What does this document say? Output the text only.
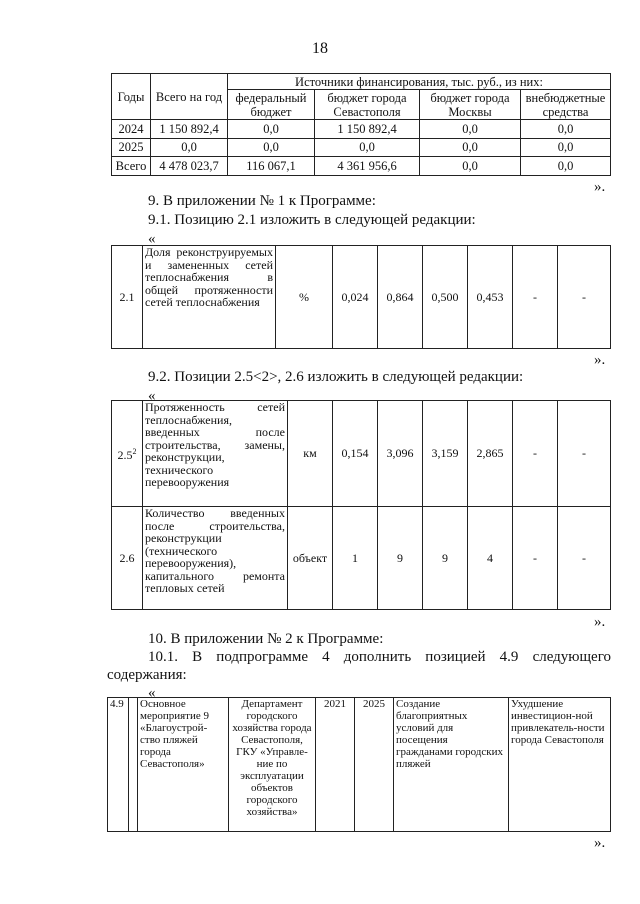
18
Годы	Всего на год	Источники финансирования, тыс. руб., из них:			
		федеральный бюджет	бюджет города Севастополя	бюджет города Москвы	внебюджетные средства
2024	1 150 892,4	0,0	1 150 892,4	0,0	0,0
2025	0,0	0,0	0,0	0,0	0,0
Всего	4 478 023,7	116 067,1	4 361 956,6	0,0	0,0
».
9. В приложении № 1 к Программе:
9.1. Позицию 2.1 изложить в следующей редакции:
«
2.1	Доля реконструируемых и замененных сетей теплоснабжения в общей протяженности сетей теплоснабжения	%	0,024	0,864	0,500	0,453	-	-
».
9.2. Позиции 2.5<2>, 2.6 изложить в следующей редакции:
«
$2.5^2$	Протяженность сетей теплоснабжения, введенных после строительства, замены, реконструкции, технического перевооружения	км	0,154	3,096	3,159	2,865	-	-
2.6	Количество введенных после строительства, реконструкции (технического перевооружения), капитального ремонта тепловых сетей	объект	1	9	9	4	-	-
».
10. В приложении № 2 к Программе:
10.1. В подпрограмме 4 дополнить позицией 4.9 следующего содержания:
«
4.9		Основное мероприятие 9 «Благоустрой-ство пляжей города Севастополя»	Департамент городского хозяйства города Севастополя, ГКУ «Управле-ние по эксплуатации объектов городского хозяйства»	2021	2025	Создание благоприятных условий для посещения гражданами городских пляжей	Ухудшение инвестицион-ной привлекатель-ности города Севастополя
».
